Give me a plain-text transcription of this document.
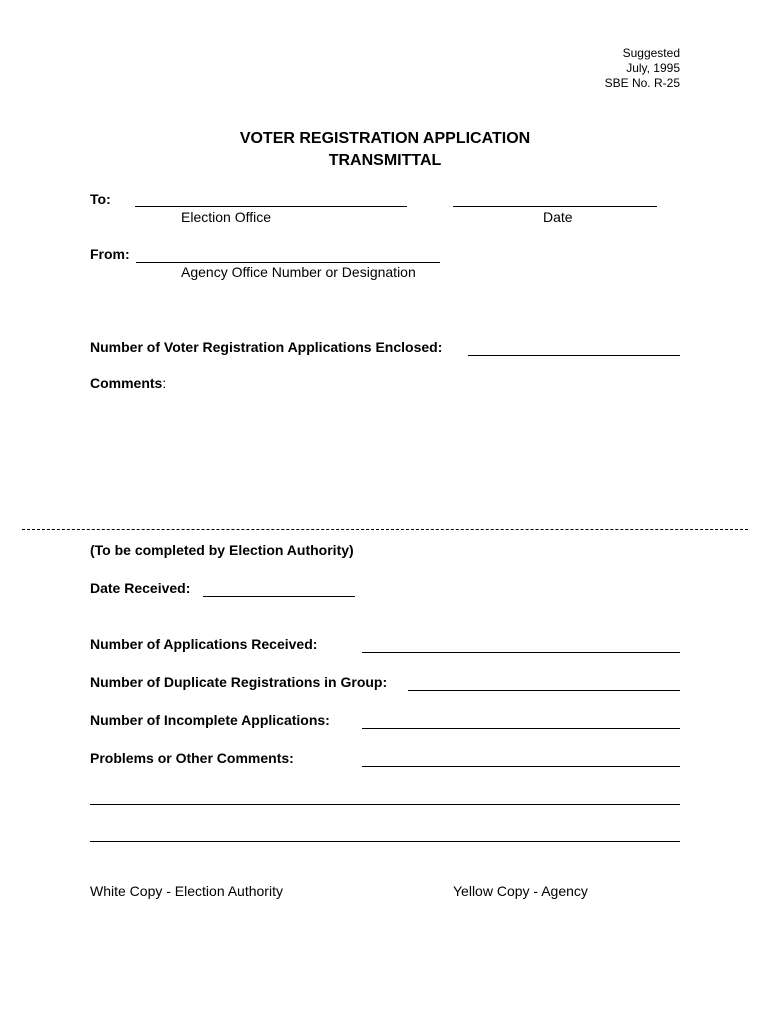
Suggested
July, 1995
SBE No. R-25
VOTER REGISTRATION APPLICATION
TRANSMITTAL
To:
Election Office	Date
From:
Agency Office Number or Designation
Number of Voter Registration Applications Enclosed:
Comments:
(To be completed by Election Authority)
Date Received:
Number of Applications Received:
Number of Duplicate Registrations in Group:
Number of Incomplete Applications:
Problems or Other Comments:
White Copy - Election Authority	Yellow Copy - Agency
